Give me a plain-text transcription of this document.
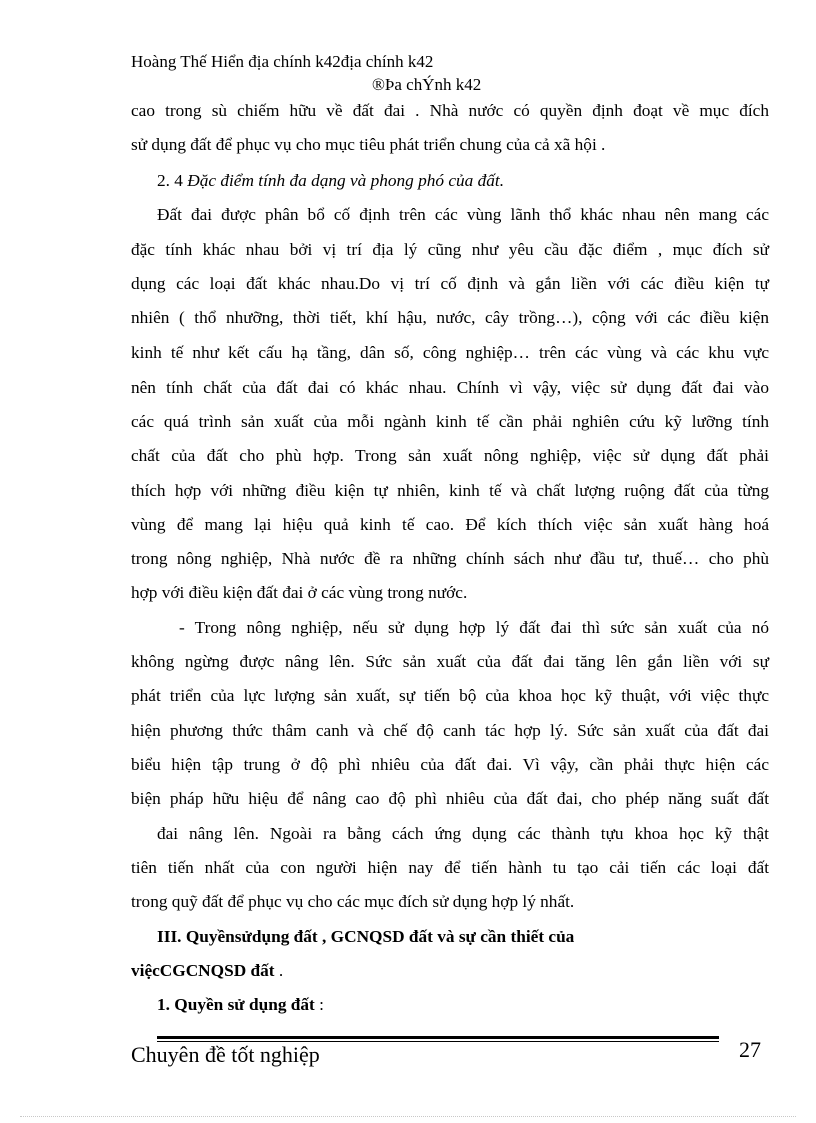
Hoàng Thế Hiển địa chính k42địa chính k42
®Þa chÝnh k42
cao trong sù chiếm hữu về đất đai . Nhà nước có quyền định đoạt về mục đích
sử dụng đất để phục vụ cho mục tiêu phát triển chung của cả xã hội .
2. 4 Đặc điểm tính đa dạng và phong phó của đất.
Đất đai được phân bổ cố định trên các vùng lãnh thổ khác nhau nên mang các
đặc tính khác nhau bởi vị trí địa lý cũng như yêu cầu đặc điểm , mục đích sử
dụng các loại đất khác nhau.Do vị trí cố định và gắn liền với các điều kiện tự
nhiên ( thổ nhưỡng, thời tiết, khí hậu, nước, cây trồng…), cộng với các điều kiện
kinh tế như kết cấu hạ tầng, dân số, công nghiệp… trên các vùng và các khu vực
nên tính chất của đất đai có khác nhau. Chính vì vậy, việc sử dụng đất đai vào
các quá trình sản xuất của mỗi ngành kinh tế cần phải nghiên cứu kỹ lưỡng tính
chất của đất cho phù hợp. Trong sản xuất nông nghiệp, việc sử dụng đất phải
thích hợp với những điều kiện tự nhiên, kinh tế và chất lượng ruộng đất của từng
vùng để mang lại hiệu quả kinh tế cao. Để kích thích việc sản xuất hàng hoá
trong nông nghiệp, Nhà nước đề ra những chính sách như đầu tư, thuế… cho phù
hợp với điều kiện đất đai ở các vùng trong nước.
- Trong nông nghiệp, nếu sử dụng hợp lý đất đai thì sức sản xuất của nó
không ngừng được nâng lên. Sức sản xuất của đất đai tăng lên gắn liền với sự
phát triển của lực lượng sản xuất, sự tiến bộ của khoa học kỹ thuật, với việc thực
hiện phương thức thâm canh và chế độ canh tác hợp lý. Sức sản xuất của đất đai
biểu hiện tập trung ở độ phì nhiêu của đất đai. Vì vậy, cần phải thực hiện các
biện pháp hữu hiệu để nâng cao độ phì nhiêu của đất đai, cho phép năng suất đất
đai nâng lên. Ngoài ra bằng cách ứng dụng các thành tựu khoa học kỹ thật
tiên tiến nhất của con người hiện nay để tiến hành tu tạo cải tiến các loại đất
trong quỹ đất để phục vụ cho các mục đích sử dụng hợp lý nhất.
III. Quyềnsửdụng đất , GCNQSD đất và sự cần thiết của
việcCGCNQSD đất .
1. Quyền sử dụng đất :
Chuyên đề tốt nghiệp	27
